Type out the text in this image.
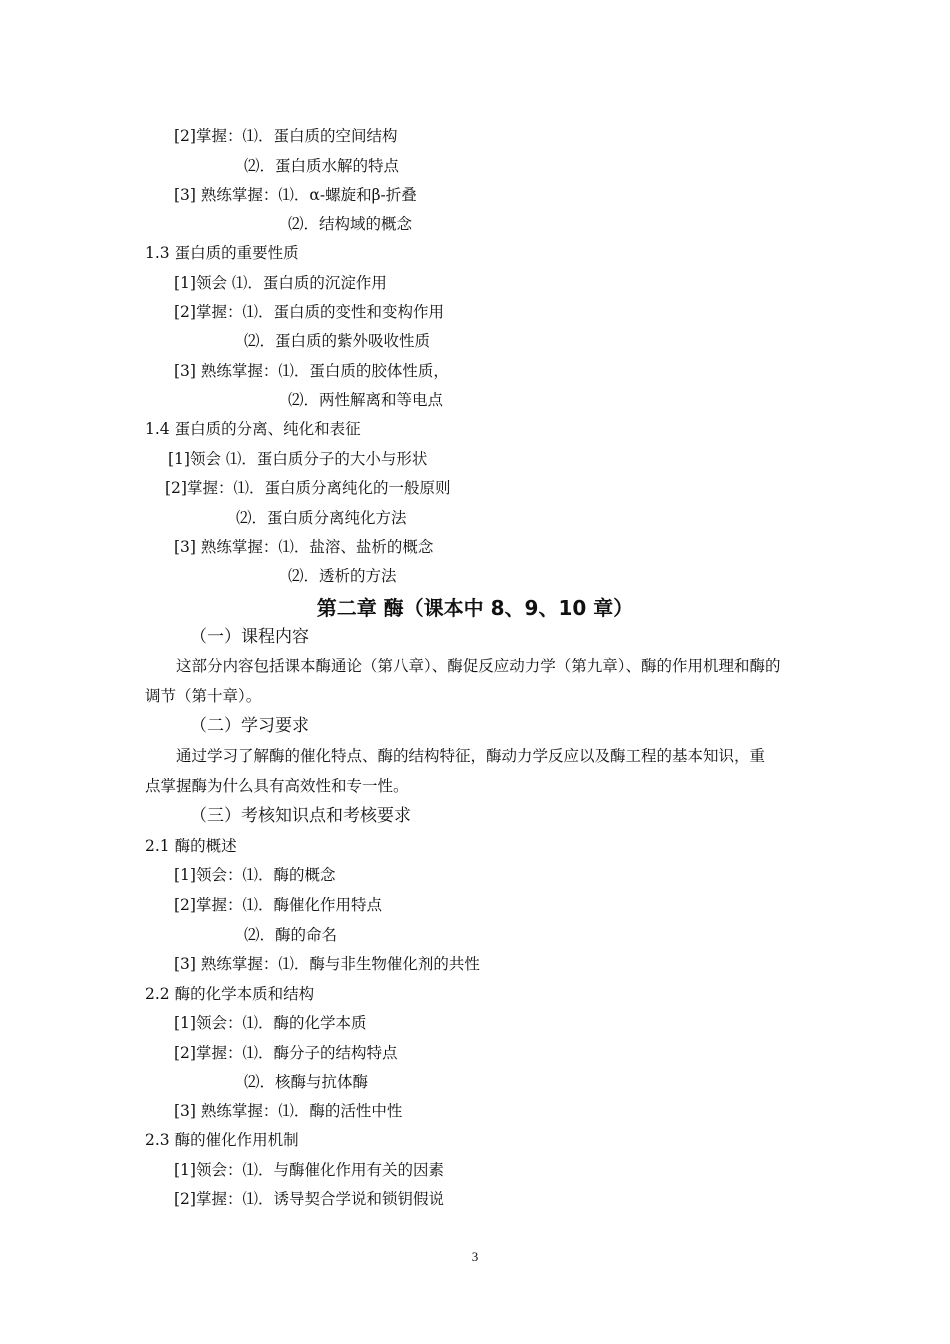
[2]掌握：⑴．蛋白质的空间结构
⑵．蛋白质水解的特点
[3] 熟练掌握：⑴．α-螺旋和β-折叠
⑵．结构域的概念
1.3 蛋白质的重要性质
[1]领会 ⑴．蛋白质的沉淀作用
[2]掌握：⑴．蛋白质的变性和变构作用
⑵．蛋白质的紫外吸收性质
[3] 熟练掌握：⑴．蛋白质的胶体性质，
⑵．两性解离和等电点
1.4 蛋白质的分离、纯化和表征
[1]领会 ⑴．蛋白质分子的大小与形状
[2]掌握：⑴．蛋白质分离纯化的一般原则
⑵．蛋白质分离纯化方法
[3] 熟练掌握：⑴．盐溶、盐析的概念
⑵．透析的方法
第二章 酶（课本中 8、9、10 章）
（一）课程内容
这部分内容包括课本酶通论（第八章）、酶促反应动力学（第九章）、酶的作用机理和酶的
调节（第十章）。
（二）学习要求
通过学习了解酶的催化特点、酶的结构特征，酶动力学反应以及酶工程的基本知识，重
点掌握酶为什么具有高效性和专一性。
（三）考核知识点和考核要求
2.1 酶的概述
[1]领会：⑴．酶的概念
[2]掌握：⑴．酶催化作用特点
⑵．酶的命名
[3] 熟练掌握：⑴．酶与非生物催化剂的共性
2.2 酶的化学本质和结构
[1]领会：⑴．酶的化学本质
[2]掌握：⑴．酶分子的结构特点
⑵．核酶与抗体酶
[3] 熟练掌握：⑴．酶的活性中性
2.3 酶的催化作用机制
[1]领会：⑴．与酶催化作用有关的因素
[2]掌握：⑴．诱导契合学说和锁钥假说
3
